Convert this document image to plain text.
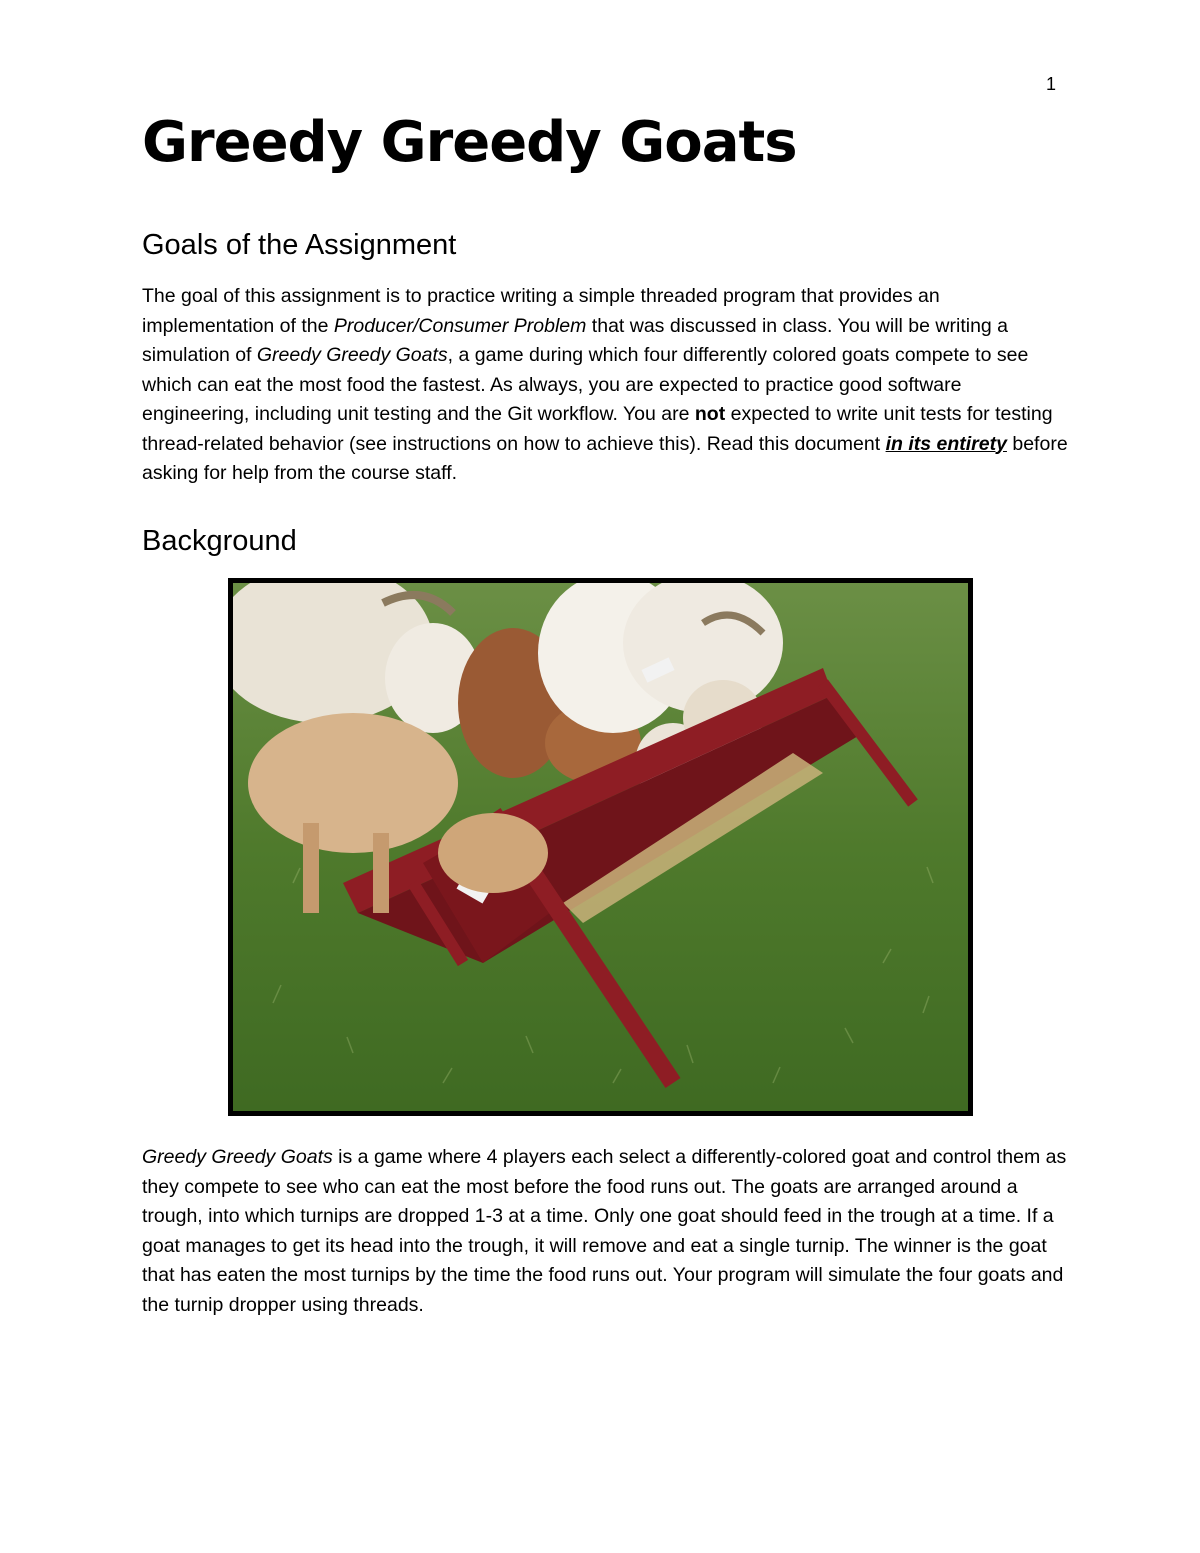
1
Greedy Greedy Goats
Goals of the Assignment

The goal of this assignment is to practice writing a simple threaded program that provides an implementation of the Producer/Consumer Problem that was discussed in class. You will be writing a simulation of Greedy Greedy Goats, a game during which four differently colored goats compete to see which can eat the most food the fastest. As always, you are expected to practice good software engineering, including unit testing and the Git workflow. You are not expected to write unit tests for testing thread-related behavior (see instructions on how to achieve this). Read this document in its entirety before asking for help from the course staff.

Background

Greedy Greedy Goats is a game where 4 players each select a differently-colored goat and control them as they compete to see who can eat the most before the food runs out. The goats are arranged around a trough, into which turnips are dropped 1-3 at a time. Only one goat should feed in the trough at a time. If a goat manages to get its head into the trough, it will remove and eat a single turnip. The winner is the goat that has eaten the most turnips by the time the food runs out. Your program will simulate the four goats and the turnip dropper using threads.
